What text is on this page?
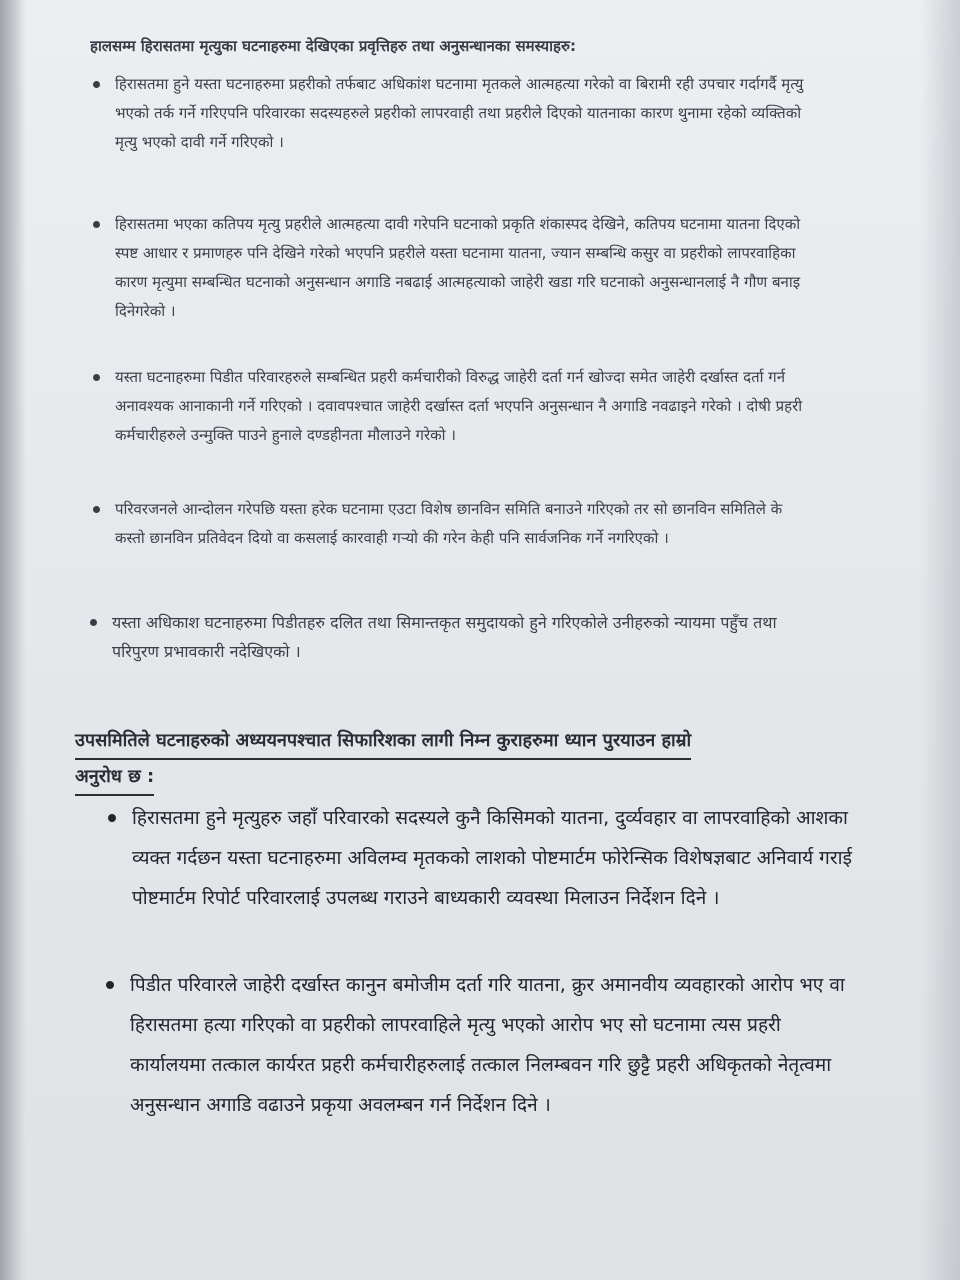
हालसम्म हिरासतमा मृत्युका घटनाहरुमा देखिएका प्रवृत्तिहरु तथा अनुसन्धानका समस्याहरु:
हिरासतमा हुने यस्ता घटनाहरुमा प्रहरीको तर्फबाट अधिकांश घटनामा मृतकले आत्महत्या गरेको वा बिरामी रही उपचार गर्दागर्दै मृत्यु भएको तर्क गर्ने गरिएपनि परिवारका सदस्यहरुले प्रहरीको लापरवाही तथा प्रहरीले दिएको यातनाका कारण थुनामा रहेको व्यक्तिको मृत्यु भएको दावी गर्ने गरिएको ।
हिरासतमा भएका कतिपय मृत्यु प्रहरीले आत्महत्या दावी गरेपनि घटनाको प्रकृति शंकास्पद देखिने, कतिपय घटनामा यातना दिएको स्पष्ट आधार र प्रमाणहरु पनि देखिने गरेको भएपनि प्रहरीले यस्ता घटनामा यातना, ज्यान सम्बन्धि कसुर वा प्रहरीको लापरवाहिका कारण मृत्युमा सम्बन्धित घटनाको अनुसन्धान अगाडि नबढाई आत्महत्याको जाहेरी खडा गरि घटनाको अनुसन्धानलाई नै गौण बनाइ दिनेगरेको ।
यस्ता घटनाहरुमा पिडीत परिवारहरुले सम्बन्धित प्रहरी कर्मचारीको विरुद्ध जाहेरी दर्ता गर्न खोज्दा समेत जाहेरी दर्खास्त दर्ता गर्न अनावश्यक आनाकानी गर्ने गरिएको । दवावपश्चात जाहेरी दर्खास्त दर्ता भएपनि अनुसन्धान नै अगाडि नवढाइने गरेको । दोषी प्रहरी कर्मचारीहरुले उन्मुक्ति पाउने हुनाले दण्डहीनता मौलाउने गरेको ।
परिवरजनले आन्दोलन गरेपछि यस्ता हरेक घटनामा एउटा विशेष छानविन समिति बनाउने गरिएको तर सो छानविन समितिले के कस्तो छानविन प्रतिवेदन दियो वा कसलाई कारवाही गर्‍यो की गरेन केही पनि सार्वजनिक गर्ने नगरिएको ।
यस्ता अधिकाश घटनाहरुमा पिडीतहरु दलित तथा सिमान्तकृत समुदायको हुने गरिएकोले उनीहरुको न्यायमा पहुँच तथा परिपुरण प्रभावकारी नदेखिएको ।
उपसमितिले घटनाहरुको अध्ययनपश्चात सिफारिशका लागी निम्न कुराहरुमा ध्यान पुरयाउन हाम्रो
अनुरोध छ :
हिरासतमा हुने मृत्युहरु जहाँ परिवारको सदस्यले कुनै किसिमको यातना, दुर्व्यवहार वा लापरवाहिको आशका व्यक्त गर्दछन यस्ता घटनाहरुमा अविलम्व मृतकको लाशको पोष्टमार्टम फोरेन्सिक विशेषज्ञबाट अनिवार्य गराई पोष्टमार्टम रिपोर्ट परिवारलाई उपलब्ध गराउने बाध्यकारी व्यवस्था मिलाउन निर्देशन दिने ।
पिडीत परिवारले जाहेरी दर्खास्त कानुन बमोजीम दर्ता गरि यातना, क्रुर अमानवीय व्यवहारको आरोप भए वा हिरासतमा हत्या गरिएको वा प्रहरीको लापरवाहिले मृत्यु भएको आरोप भए सो घटनामा त्यस प्रहरी कार्यालयमा तत्काल कार्यरत प्रहरी कर्मचारीहरुलाई तत्काल निलम्बवन गरि छुट्टै प्रहरी अधिकृतको नेतृत्वमा अनुसन्धान अगाडि वढाउने प्रकृया अवलम्बन गर्न निर्देशन दिने ।
